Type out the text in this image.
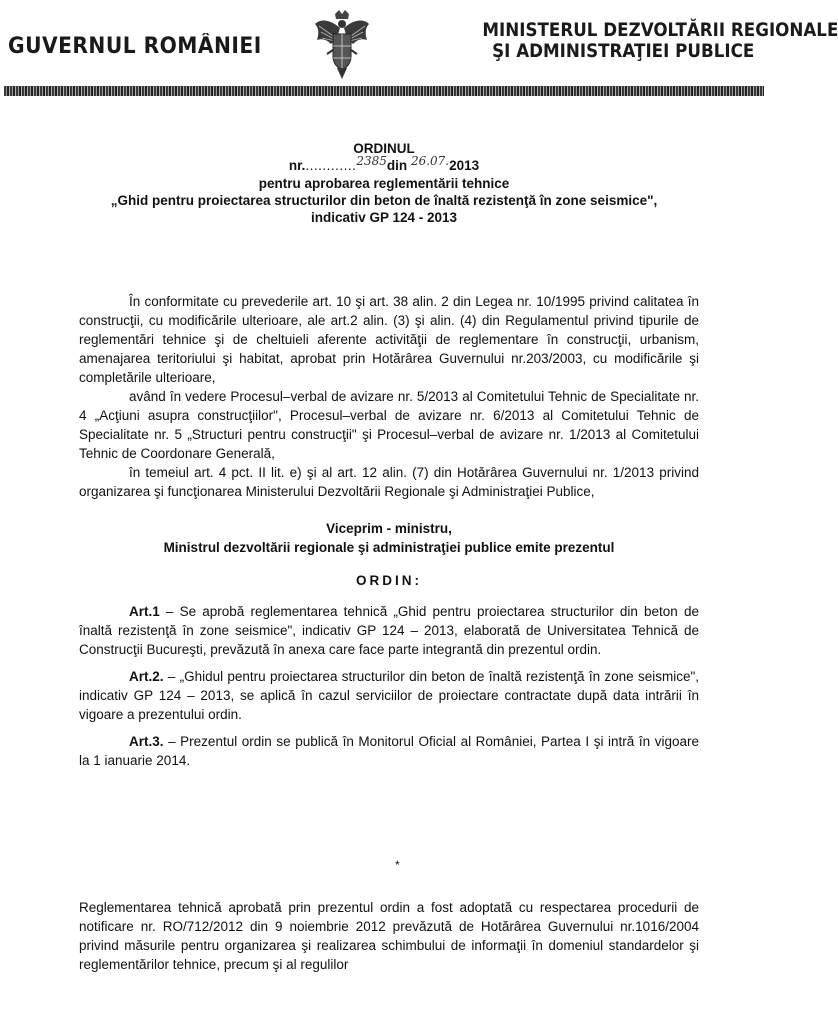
GUVERNUL ROMÂNIEI
MINISTERUL DEZVOLTĂRII REGIONALE
ŞI ADMINISTRAŢIEI PUBLICE
ORDINUL
nr.............2385din 26.07.2013
pentru aprobarea reglementării tehnice
„Ghid pentru proiectarea structurilor din beton de înaltă rezistenţă în zone seismice",
indicativ GP 124 - 2013

În conformitate cu prevederile art. 10 şi art. 38 alin. 2 din Legea nr. 10/1995 privind calitatea în construcţii, cu modificările ulterioare, ale art.2 alin. (3) şi alin. (4) din Regulamentul privind tipurile de reglementări tehnice şi de cheltuieli aferente activităţii de reglementare în construcţii, urbanism, amenajarea teritoriului şi habitat, aprobat prin Hotărârea Guvernului nr.203/2003, cu modificările şi completările ulterioare,

având în vedere Procesul–verbal de avizare nr. 5/2013 al Comitetului Tehnic de Specialitate nr. 4 „Acţiuni asupra construcţiilor", Procesul–verbal de avizare nr. 6/2013 al Comitetului Tehnic de Specialitate nr. 5 „Structuri pentru construcţii" şi Procesul–verbal de avizare nr. 1/2013 al Comitetului Tehnic de Coordonare Generală,

în temeiul art. 4 pct. II lit. e) şi al art. 12 alin. (7) din Hotărârea Guvernului nr. 1/2013 privind organizarea şi funcţionarea Ministerului Dezvoltării Regionale şi Administraţiei Publice,

Viceprim - ministru,

Ministrul dezvoltării regionale şi administraţiei publice emite prezentul

ORDIN:

Art.1 – Se aprobă reglementarea tehnică „Ghid pentru proiectarea structurilor din beton de înaltă rezistenţă în zone seismice", indicativ GP 124 – 2013, elaborată de Universitatea Tehnică de Construcţii Bucureşti, prevăzută în anexa care face parte integrantă din prezentul ordin.

Art.2. – „Ghidul pentru proiectarea structurilor din beton de înaltă rezistenţă în zone seismice", indicativ GP 124 – 2013, se aplică în cazul serviciilor de proiectare contractate după data intrării în vigoare a prezentului ordin.

Art.3. – Prezentul ordin se publică în Monitorul Oficial al României, Partea I şi intră în vigoare la 1 ianuarie 2014.

*

Reglementarea tehnică aprobată prin prezentul ordin a fost adoptată cu respectarea procedurii de notificare nr. RO/712/2012 din 9 noiembrie 2012 prevăzută de Hotărârea Guvernului nr.1016/2004 privind măsurile pentru organizarea şi realizarea schimbului de informaţii în domeniul standardelor şi reglementărilor tehnice, precum şi al regulilor
